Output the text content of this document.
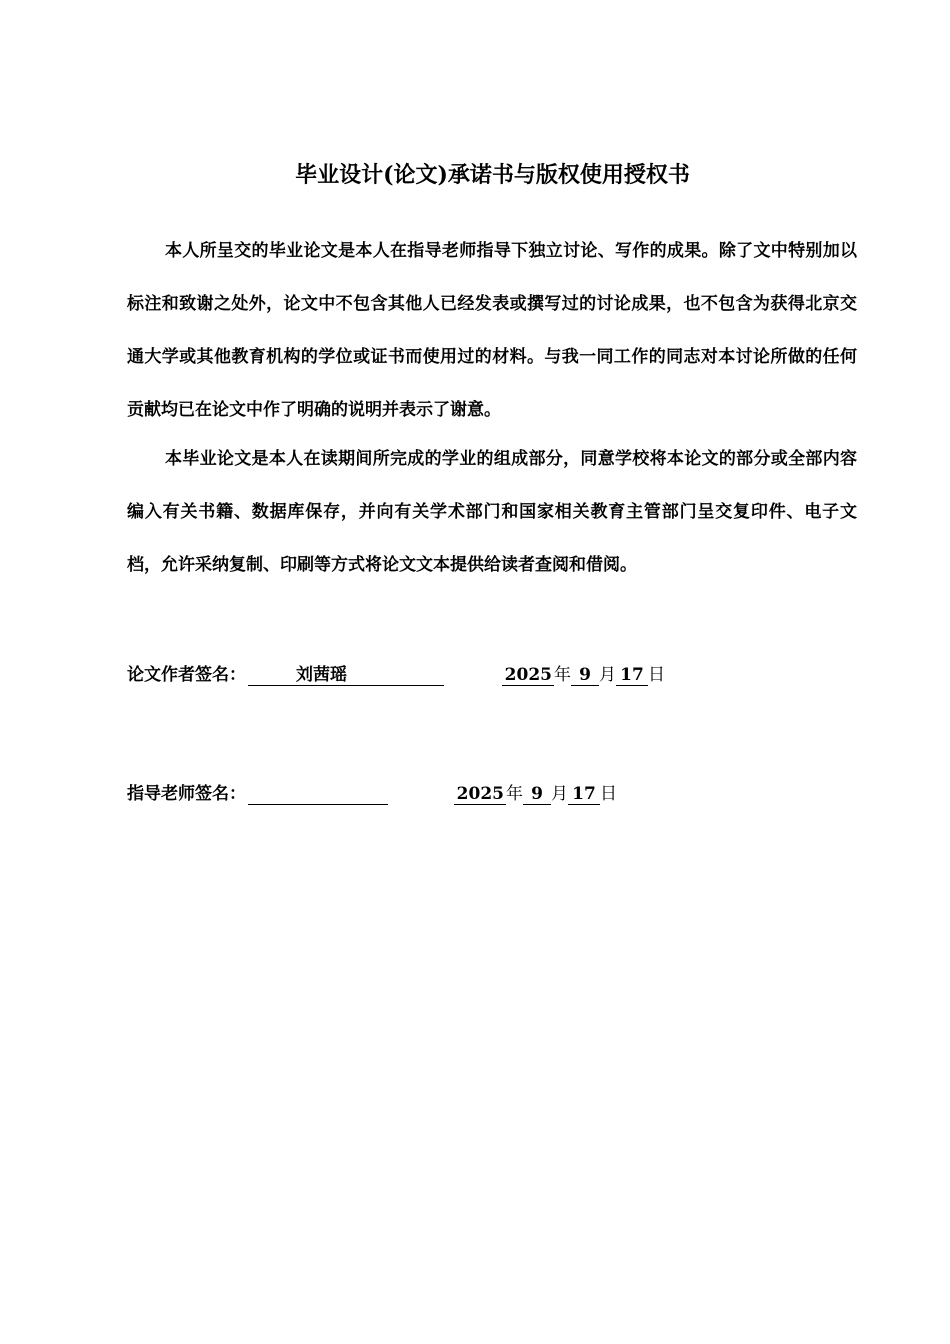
毕业设计(论文)承诺书与版权使用授权书

本人所呈交的毕业论文是本人在指导老师指导下独立讨论、写作的成果。除了文中特别加以标注和致谢之处外，论文中不包含其他人已经发表或撰写过的讨论成果，也不包含为获得北京交通大学或其他教育机构的学位或证书而使用过的材料。与我一同工作的同志对本讨论所做的任何贡献均已在论文中作了明确的说明并表示了谢意。

本毕业论文是本人在读期间所完成的学业的组成部分，同意学校将本论文的部分或全部内容编入有关书籍、数据库保存，并向有关学术部门和国家相关教育主管部门呈交复印件、电子文档，允许采纳复制、印刷等方式将论文文本提供给读者查阅和借阅。

论文作者签名：	刘茜瑶	2025 年 9 月 17 日
指导老师签名：	2025 年 9 月 17 日
